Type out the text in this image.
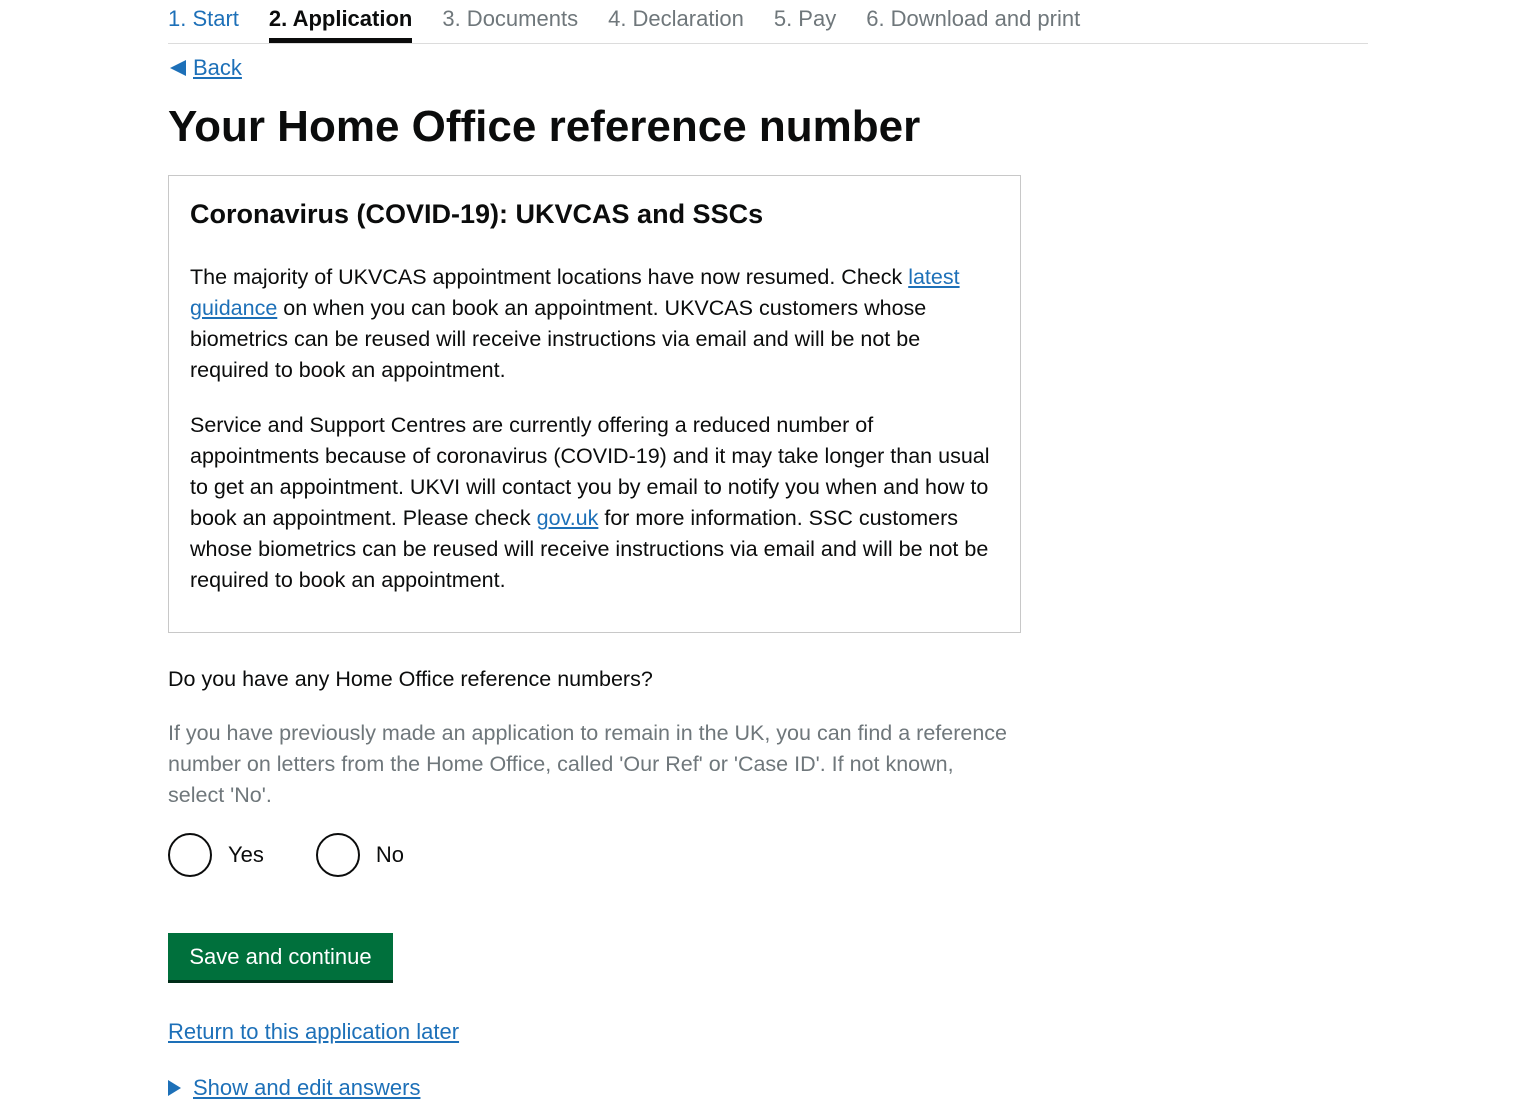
1. Start 2. Application 3. Documents 4. Declaration 5. Pay 6. Download and print
Back
Your Home Office reference number
Coronavirus (COVID-19): UKVCAS and SSCs

The majority of UKVCAS appointment locations have now resumed. Check latest guidance on when you can book an appointment. UKVCAS customers whose biometrics can be reused will receive instructions via email and will be not be required to book an appointment.

Service and Support Centres are currently offering a reduced number of appointments because of coronavirus (COVID-19) and it may take longer than usual to get an appointment. UKVI will contact you by email to notify you when and how to book an appointment. Please check gov.uk for more information. SSC customers whose biometrics can be reused will receive instructions via email and will be not be required to book an appointment.

Do you have any Home Office reference numbers?

If you have previously made an application to remain in the UK, you can find a reference number on letters from the Home Office, called 'Our Ref' or 'Case ID'. If not known, select 'No'.

Yes	No
Save and continue
Return to this application later
Show and edit answers
